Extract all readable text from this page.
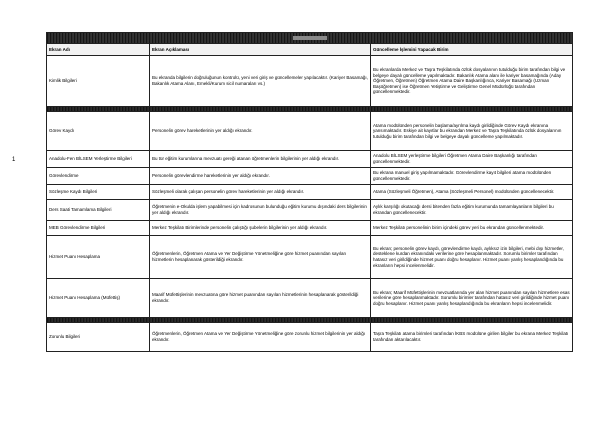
1

Ekran Adı	Ekran Açıklaması	Güncelleme İşlemini Yapacak Birim
Kimlik Bilgileri	Bu ekranda bilgilerin doğruluğunun kontrolü, yeni veri giriş ve güncellemeler yapılacaktır. (Kariyer Basamağı, Bakanlık Atama Alanı, Emekli/Kurum sicil numaraları vs.)	Bu ekranlarda Merkez ve Taşra Teşkilatında özlük dosyalarının tutulduğu birim tarafından bilgi ve belgeye dayalı güncelleme yapılmaktadır. Bakanlık Atama alanı ile kariyer basamağında (Aday Öğretmen, Öğretmen) Öğretmen Atama Daire Başkanlığınca, Kariyer Basamağı (Uzman Başöğretmen) ise Öğretmen Yetiştirme ve Geliştirme Genel Müdürlüğü tarafından güncellenmektedir.

Görev Kaydı	Personelin görev hareketlerinin yer aldığı ekrandır.	Atama modülünden personelin başlama/ayrılma kaydı girildiğinde Görev Kaydı ekranına yansımaktadır. Eskiye ait kayıtlar bu ekrandan Merkez ve Taşra Teşkilatında özlük dosyalarının tutulduğu birim tarafından bilgi ve belgeye dayalı güncelleme yapılmaktadır.
Anadolu-Fen BİLSEM Yerleştirme Bilgileri	Bu tür eğitim kurumlarına mevzuatı gereği atanan öğretmenlerin bilgilerinin yer aldığı ekrandır.	Anadolu BİLSEM yerleştirme bilgileri Öğretmen Atama Daire Başkanlığı tarafından güncellenmektedir.
Görevlendirme	Personelin görevlendirme hareketlerinin yer aldığı ekrandır.	Bu ekrana manuel giriş yapılmamaktadır. Görevlendirme kayıt bilgileri atama modülünden güncellenmektedir.
Sözleşme Kaydı Bilgileri	Sözleşmeli olarak çalışan personelin görev hareketlerinin yer aldığı ekrandır.	Atama (Sözleşmeli Öğretmen), Atama (Sözleşmeli Personel) modülünden güncellenecektir.
Ders Saati Tamamlama Bilgileri	Öğretmenin e-Okulda işlem yapabilmesi için kadrosunun bulunduğu eğitim kurumu dışındaki ders bilgilerinin yer aldığı ekrandır.	Aylık karşılığı okutacağı dersi bitenden fazla eğitim kurumunda tamamlayanların bilgileri bu ekrandan güncellenecektir.
MEB Görevlendirme Bilgileri	Merkez Teşkilatı Birimlerinde personelin çalıştığı şubelerin bilgilerinin yer aldığı ekrandır.	Merkez Teşkilatı personelinin birim içindeki görev yeri bu ekrandan güncellenmektedir.
Hizmet Puanı Hesaplama	Öğretmenlerin, Öğretmen Atama ve Yer Değiştirme Yönetmeliğine göre hizmet puanından sayılan hizmetlerin hesaplanarak gösterildiği ekrandır.	Bu ekran; personelin görev kaydı, görevlendirme kaydı, aylıksız izin bilgileri, mebi dışı hizmetler, desteklene kurdan ekranındaki verilerine göre hesaplanmaktadır. Sorumlu birimler tarafından hatasız veri girildiğinde hizmet puanı doğru hesaplanır. Hizmet puanı yanlış hesaplandığında bu ekranların hepsi incelenmelidir.
Hizmet Puanı Hesaplama (Müfettiş)	Maarif Müfettişlerinin mevzuatına göre hizmet puanından sayılan hizmetlerinin hesaplanarak gösterildiği ekrandır.	Bu ekran; Maarif Müfettişlerinin mevzuatlarında yer alan hizmet puanından sayılan hizmetlere esas verilerine göre hesaplanmaktadır. Sorumlu birimler tarafından hatasız veri girildiğinde hizmet puanı doğru hesaplanır. Hizmet puanı yanlış hesaplandığında bu ekranların hepsi incelenmelidir.

Zorunlu Bilgileri	Öğretmenlerin, Öğretmen Atama ve Yer Değiştirme Yönetmeliğine göre zorunlu hizmet bilgilerinin yer aldığı ekrandır.	Taşra Teşkilatı atama birimleri tarafından İKBS modülüne girilen bilgiler bu ekrana Merkez Teşkilatı tarafından aktarılacaktır.
